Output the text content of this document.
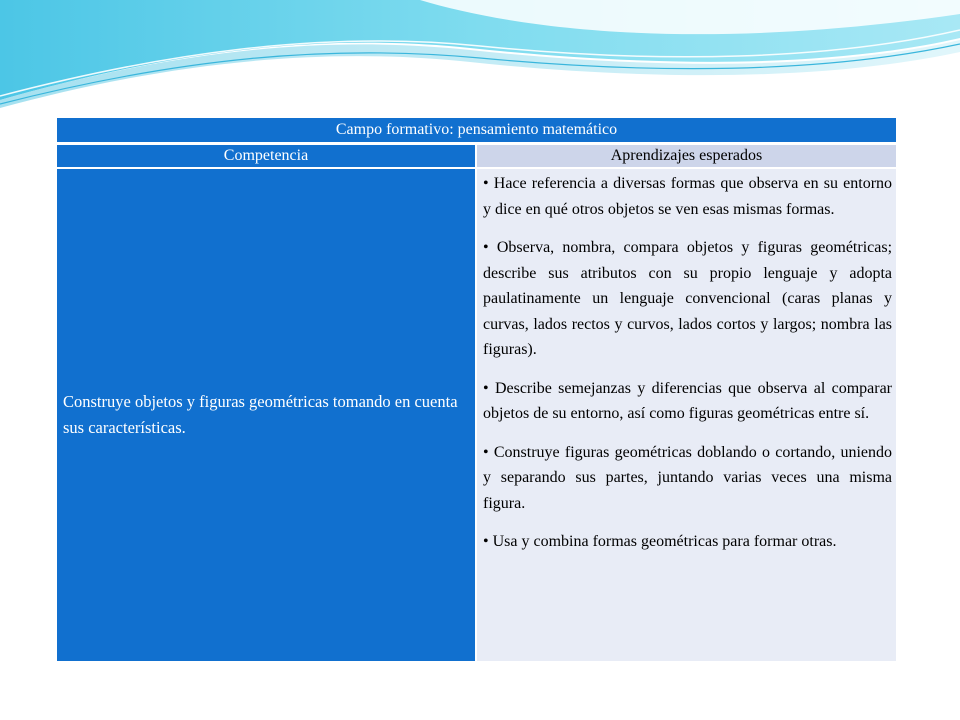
Campo formativo: pensamiento matemático	
Competencia	Aprendizajes esperados
Construye objetos y figuras geométricas tomando en cuenta sus características.	• Hace referencia a diversas formas que observa en su entorno y dice en qué otros objetos se ven esas mismas formas.

• Observa, nombra, compara objetos y figuras geométricas; describe sus atributos con su propio lenguaje y adopta paulatinamente un lenguaje convencional (caras planas y curvas, lados rectos y curvos, lados cortos y largos; nombra las figuras).

• Describe semejanzas y diferencias que observa al comparar objetos de su entorno, así como figuras geométricas entre sí.

• Construye figuras geométricas doblando o cortando, uniendo y separando sus partes, juntando varias veces una misma figura.

• Usa y combina formas geométricas para formar otras.
